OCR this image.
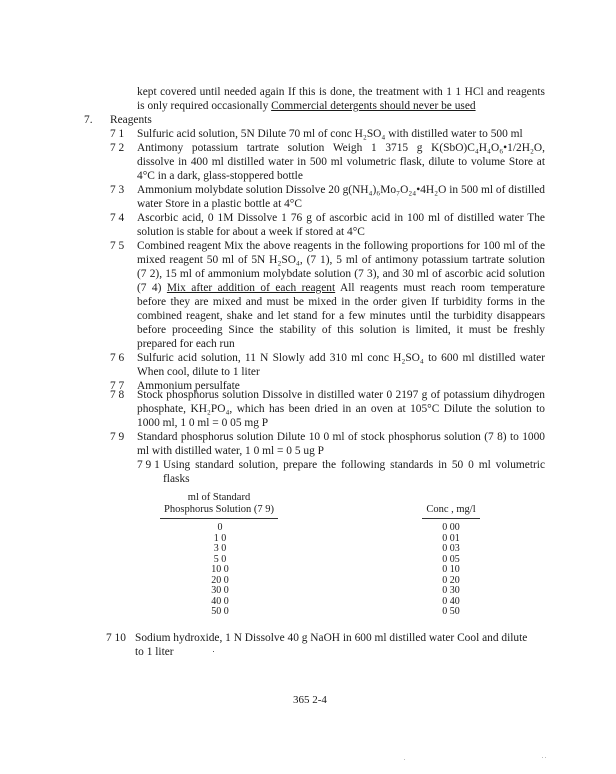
kept covered until needed again If this is done, the treatment with 1 1 HCl and reagents
is only required occasionally Commercial detergents should never be used
7. Reagents
7 1 Sulfuric acid solution, 5N Dilute 70 ml of conc H₂SO₄ with distilled water to 500 ml
7 2 Antimony potassium tartrate solution Weigh 1 3715 g K(SbO)C₄H₄O₆•1/2H₂O,
dissolve in 400 ml distilled water in 500 ml volumetric flask, dilute to volume Store at
4°C in a dark, glass-stoppered bottle
7 3 Ammonium molybdate solution Dissolve 20 g(NH₄)₆Mo₇O₂₄•4H₂O in 500 ml of distilled
water Store in a plastic bottle at 4°C
7 4 Ascorbic acid, 0 1M Dissolve 1 76 g of ascorbic acid in 100 ml of distilled water The
solution is stable for about a week if stored at 4°C
7 5 Combined reagent Mix the above reagents in the following proportions for 100 ml of the
mixed reagent 50 ml of 5N H₂SO₄, (7 1), 5 ml of antimony potassium tartrate solution
(7 2), 15 ml of ammonium molybdate solution (7 3), and 30 ml of ascorbic acid solution
(7 4) Mix after addition of each reagent All reagents must reach room temperature
before they are mixed and must be mixed in the order given If turbidity forms in the
combined reagent, shake and let stand for a few minutes until the turbidity disappears
before proceeding Since the stability of this solution is limited, it must be freshly
prepared for each run
7 6 Sulfuric acid solution, 11 N Slowly add 310 ml conc H₂SO₄ to 600 ml distilled water
When cool, dilute to 1 liter
7 7 Ammonium persulfate
7 8 Stock phosphorus solution Dissolve in distilled water 0 2197 g of potassium dihydrogen
phosphate, KH₂PO₄, which has been dried in an oven at 105°C Dilute the solution to
1000 ml, 1 0 ml = 0 05 mg P
7 9 Standard phosphorus solution Dilute 10 0 ml of stock phosphorus solution (7 8) to 1000
ml with distilled water, 1 0 ml = 0 5 ug P
7 9 1 Using standard solution, prepare the following standards in 50 0 ml volumetric
flasks
ml of Standard
Phosphorus Solution (7 9)	Conc , mg/l
0	0 00
1 0	0 01
3 0	0 03
5 0	0 05
10 0	0 10
20 0	0 20
30 0	0 30
40 0	0 40
50 0	0 50
7 10 Sodium hydroxide, 1 N Dissolve 40 g NaOH in 600 ml distilled water Cool and dilute
to 1 liter
365 2-4
